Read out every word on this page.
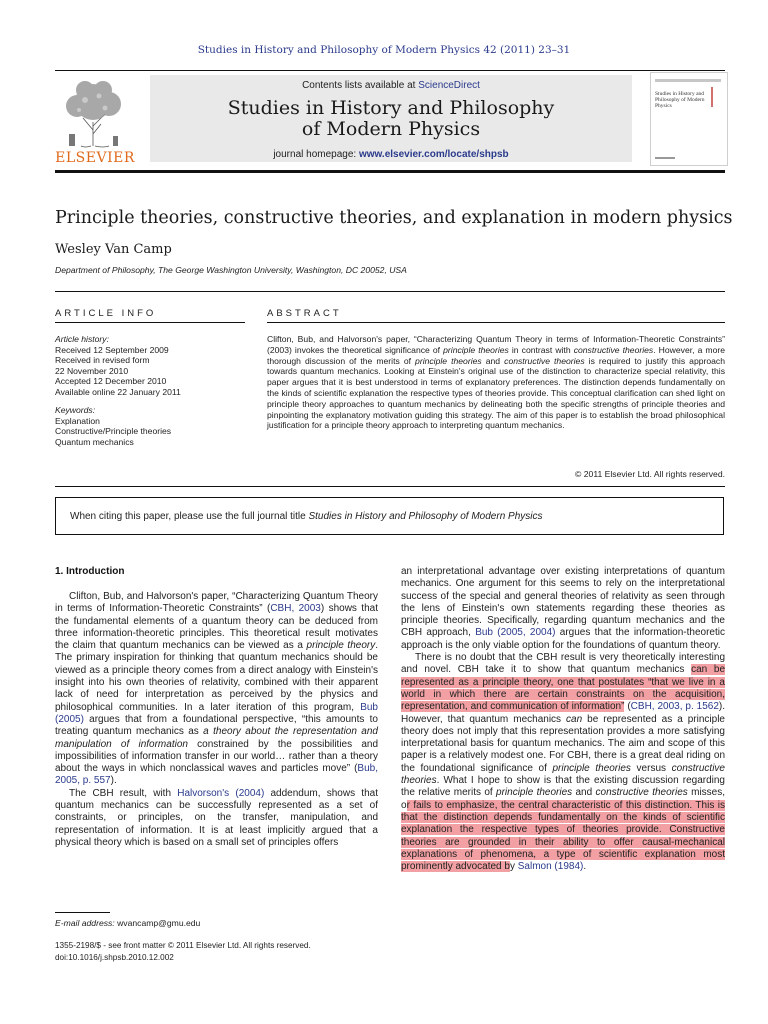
Studies in History and Philosophy of Modern Physics 42 (2011) 23–31
ELSEVIER
Contents lists available at ScienceDirect
Studies in History and Philosophy
of Modern Physics
journal homepage: www.elsevier.com/locate/shpsb
Studies in History and Philosophy of Modern Physics
Principle theories, constructive theories, and explanation in modern physics
Wesley Van Camp
Department of Philosophy, The George Washington University, Washington, DC 20052, USA
ARTICLE INFO
Article history:
Received 12 September 2009
Received in revised form
22 November 2010
Accepted 12 December 2010
Available online 22 January 2011
Keywords:
Explanation
Constructive/Principle theories
Quantum mechanics
ABSTRACT
Clifton, Bub, and Halvorson's paper, “Characterizing Quantum Theory in terms of Information-Theoretic Constraints” (2003) invokes the theoretical significance of principle theories in contrast with constructive theories. However, a more thorough discussion of the merits of principle theories and constructive theories is required to justify this approach towards quantum mechanics. Looking at Einstein's original use of the distinction to characterize special relativity, this paper argues that it is best understood in terms of explanatory preferences. The distinction depends fundamentally on the kinds of scientific explanation the respective types of theories provide. This conceptual clarification can shed light on principle theory approaches to quantum mechanics by delineating both the specific strengths of principle theories and pinpointing the explanatory motivation guiding this strategy. The aim of this paper is to establish the broad philosophical justification for a principle theory approach to interpreting quantum mechanics.
© 2011 Elsevier Ltd. All rights reserved.
When citing this paper, please use the full journal title Studies in History and Philosophy of Modern Physics
1. Introduction
Clifton, Bub, and Halvorson's paper, “Characterizing Quantum Theory in terms of Information-Theoretic Constraints” (CBH, 2003) shows that the fundamental elements of a quantum theory can be deduced from three information-theoretic principles. This theoretical result motivates the claim that quantum mechanics can be viewed as a principle theory. The primary inspiration for thinking that quantum mechanics should be viewed as a principle theory comes from a direct analogy with Einstein's insight into his own theories of relativity, combined with their apparent lack of need for interpretation as perceived by the physics and philosophical communities. In a later iteration of this program, Bub (2005) argues that from a foundational perspective, “this amounts to treating quantum mechanics as a theory about the representation and manipulation of information constrained by the possibilities and impossibilities of information transfer in our world… rather than a theory about the ways in which nonclassical waves and particles move” (Bub, 2005, p. 557).
The CBH result, with Halvorson's (2004) addendum, shows that quantum mechanics can be successfully represented as a set of constraints, or principles, on the transfer, manipulation, and representation of information. It is at least implicitly argued that a physical theory which is based on a small set of principles offers
an interpretational advantage over existing interpretations of quantum mechanics. One argument for this seems to rely on the interpretational success of the special and general theories of relativity as seen through the lens of Einstein's own statements regarding these theories as principle theories. Specifically, regarding quantum mechanics and the CBH approach, Bub (2005, 2004) argues that the information-theoretic approach is the only viable option for the foundations of quantum theory.
There is no doubt that the CBH result is very theoretically interesting and novel. CBH take it to show that quantum mechanics can be represented as a principle theory, one that postulates “that we live in a world in which there are certain constraints on the acquisition, representation, and communication of information” (CBH, 2003, p. 1562). However, that quantum mechanics can be represented as a principle theory does not imply that this representation provides a more satisfying interpretational basis for quantum mechanics. The aim and scope of this paper is a relatively modest one. For CBH, there is a great deal riding on the foundational significance of principle theories versus constructive theories. What I hope to show is that the existing discussion regarding the relative merits of principle theories and constructive theories misses, or fails to emphasize, the central characteristic of this distinction. This is that the distinction depends fundamentally on the kinds of scientific explanation the respective types of theories provide. Constructive theories are grounded in their ability to offer causal-mechanical explanations of phenomena, a type of scientific explanation most prominently advocated by Salmon (1984).
E-mail address: wvancamp@gmu.edu
1355-2198/$ - see front matter © 2011 Elsevier Ltd. All rights reserved.
doi:10.1016/j.shpsb.2010.12.002
